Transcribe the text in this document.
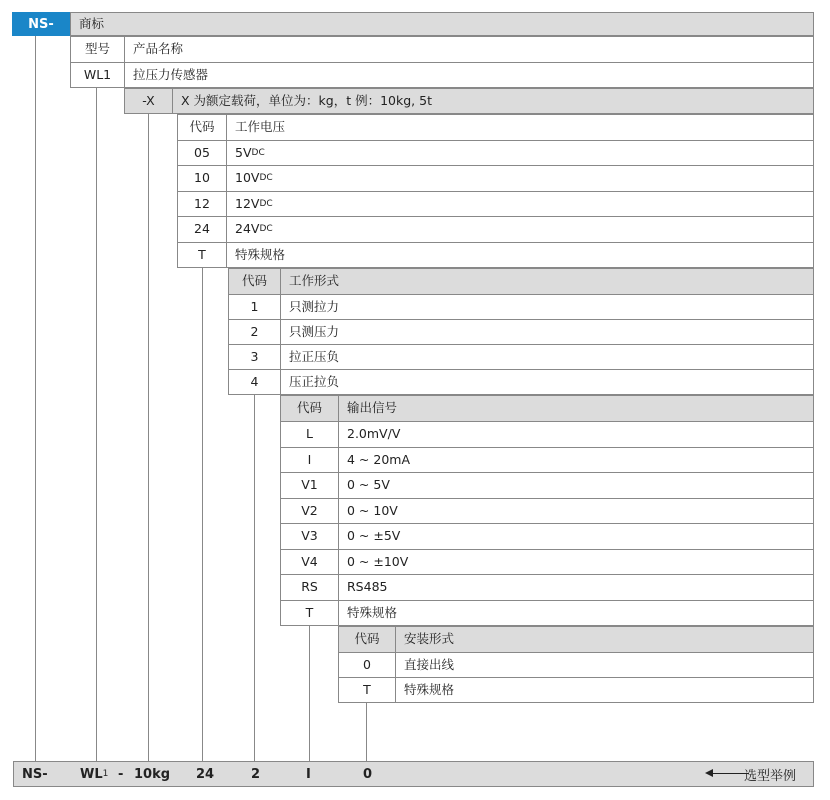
NS-	商标
型号	产品名称
WL1	拉压力传感器
-X	X 为额定载荷，单位为：kg，t 例：10kg, 5t
代码	工作电压
05	5V DC
10	10V DC
12	12V DC
24	24V DC
T	特殊规格
代码	工作形式
1	只测拉力
2	只测压力
3	拉正压负
4	压正拉负
代码	输出信号
L	2.0mV/V
I	4 ~ 20mA
V1	0 ~ 5V
V2	0 ~ 10V
V3	0 ~ ±5V
V4	0 ~ ±10V
RS	RS485
T	特殊规格
代码	安装形式
0	直接出线
T	特殊规格
NS- WL 1 - 10kg 24	2	I	0	选型举例
